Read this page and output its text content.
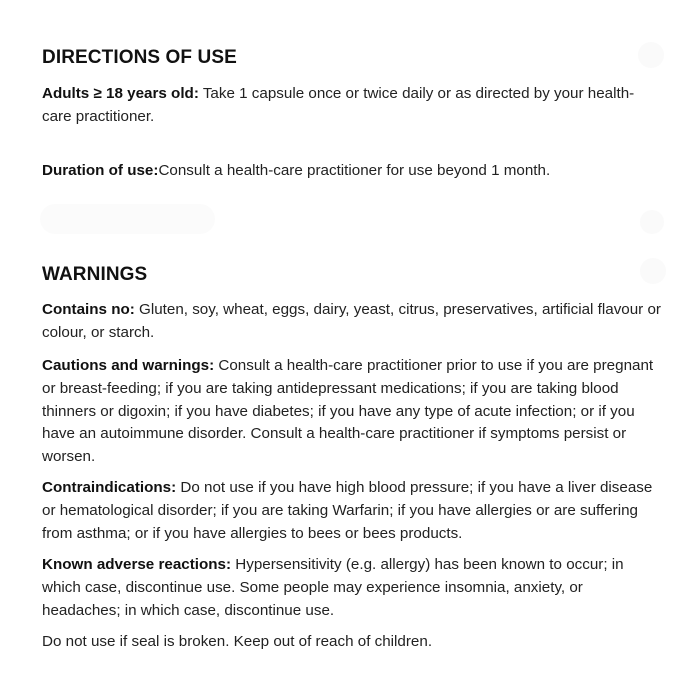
DIRECTIONS OF USE

Adults ≥ 18 years old: Take 1 capsule once or twice daily or as directed by your health-care practitioner.

Duration of use:Consult a health-care practitioner for use beyond 1 month.

WARNINGS

Contains no: Gluten, soy, wheat, eggs, dairy, yeast, citrus, preservatives, artificial flavour or colour, or starch.

Cautions and warnings: Consult a health-care practitioner prior to use if you are pregnant or breast-feeding; if you are taking antidepressant medications; if you are taking blood thinners or digoxin; if you have diabetes; if you have any type of acute infection; or if you have an autoimmune disorder. Consult a health-care practitioner if symptoms persist or worsen.

Contraindications: Do not use if you have high blood pressure; if you have a liver disease or hematological disorder; if you are taking Warfarin; if you have allergies or are suffering from asthma; or if you have allergies to bees or bees products.

Known adverse reactions: Hypersensitivity (e.g. allergy) has been known to occur; in which case, discontinue use. Some people may experience insomnia, anxiety, or headaches; in which case, discontinue use.

Do not use if seal is broken. Keep out of reach of children.
